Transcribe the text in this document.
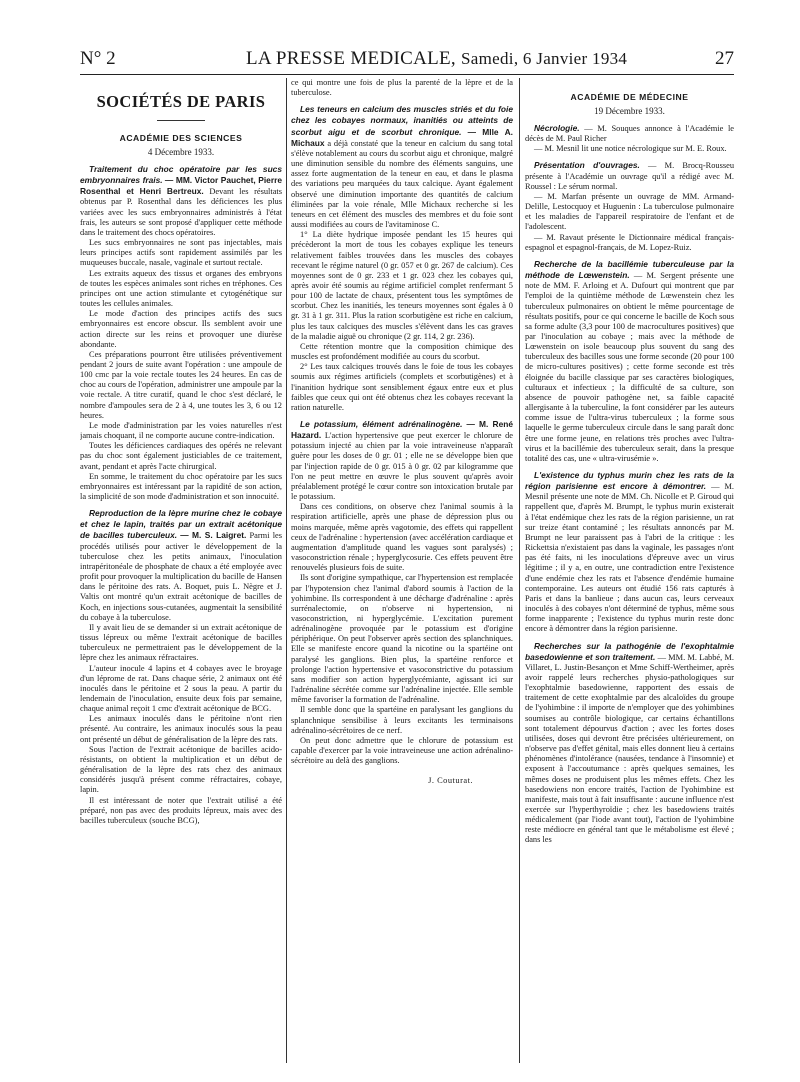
N° 2	LA PRESSE MEDICALE, Samedi, 6 Janvier 1934	27
SOCIÉTÉS DE PARIS
ACADÉMIE DES SCIENCES
4 Décembre 1933.

Traitement du choc opératoire par les sucs embryonnaires frais. — MM. Victor Pauchet, Pierre Rosenthal et Henri Bertreux. Devant les résultats obtenus par P. Rosenthal dans les déficiences les plus variées avec les sucs embryonnaires administrés à l'état frais, les auteurs se sont proposé d'appliquer cette méthode dans le traitement des chocs opératoires.

Les sucs embryonnaires ne sont pas injectables, mais leurs principes actifs sont rapidement assimilés par les muqueuses buccale, nasale, vaginale et surtout rectale.

Les extraits aqueux des tissus et organes des embryons de toutes les espèces animales sont riches en tréphones. Ces principes ont une action stimulante et cytogénétique sur toutes les cellules animales.

Le mode d'action des principes actifs des sucs embryonnaires est encore obscur. Ils semblent avoir une action directe sur les reins et provoquer une diurèse abondante.

Ces préparations pourront être utilisées préventivement pendant 2 jours de suite avant l'opération : une ampoule de 100 cmc par la voie rectale toutes les 24 heures. En cas de choc au cours de l'opération, administrer une ampoule par la voie rectale. A titre curatif, quand le choc s'est déclaré, le nombre d'ampoules sera de 2 à 4, une toutes les 3, 6 ou 12 heures.

Le mode d'administration par les voies naturelles n'est jamais choquant, il ne comporte aucune contre-indication.

Toutes les déficiences cardiaques des opérés ne relevant pas du choc sont également justiciables de ce traitement, avant, pendant et après l'acte chirurgical.

En somme, le traitement du choc opératoire par les sucs embryonnaires est intéressant par la rapidité de son action, la simplicité de son mode d'administration et son innocuité.

Reproduction de la lèpre murine chez le cobaye et chez le lapin, traités par un extrait acétonique de bacilles tuberculeux. — M. S. Laigret. Parmi les procédés utilisés pour activer le développement de la tuberculose chez les petits animaux, l'inoculation intrapéritonéale de phosphate de chaux a été employée avec profit pour provoquer la multiplication du bacille de Hansen dans le péritoine des rats. A. Boquet, puis L. Nègre et J. Valtis ont montré qu'un extrait acétonique de bacilles de Koch, en injections sous-cutanées, augmentait la sensibilité du cobaye à la tuberculose.

Il y avait lieu de se demander si un extrait acétonique de tissus lépreux ou même l'extrait acétonique de bacilles tuberculeux ne permettraient pas le développement de la lèpre chez les animaux réfractaires.

L'auteur inocule 4 lapins et 4 cobayes avec le broyage d'un léprome de rat. Dans chaque série, 2 animaux ont été inoculés dans le péritoine et 2 sous la peau. A partir du lendemain de l'inoculation, ensuite deux fois par semaine, chaque animal reçoit 1 cmc d'extrait acétonique de BCG.

Les animaux inoculés dans le péritoine n'ont rien présenté. Au contraire, les animaux inoculés sous la peau ont présenté un début de généralisation de la lèpre des rats.

Sous l'action de l'extrait acétonique de bacilles acido-résistants, on obtient la multiplication et un début de généralisation de la lèpre des rats chez des animaux considérés jusqu'à présent comme réfractaires, cobaye, lapin.

Il est intéressant de noter que l'extrait utilisé a été préparé, non pas avec des produits lépreux, mais avec des bacilles tuberculeux (souche BCG),

ce qui montre une fois de plus la parenté de la lèpre et de la tuberculose.

Les teneurs en calcium des muscles striés et du foie chez les cobayes normaux, inanitiés ou atteints de scorbut aigu et de scorbut chronique. — Mlle A. Michaux a déjà constaté que la teneur en calcium du sang total s'élève notablement au cours du scorbut aigu et chronique, malgré une diminution sensible du nombre des éléments sanguins, une assez forte augmentation de la teneur en eau, et dans le plasma des variations peu marquées du taux calcique. Ayant également observé une diminution importante des quantités de calcium éliminées par la voie rénale, Mlle Michaux recherche si les teneurs en cet élément des muscles des membres et du foie sont aussi modifiées au cours de l'avitaminose C.

1° La diète hydrique imposée pendant les 15 heures qui précèderont la mort de tous les cobayes explique les teneurs relativement faibles trouvées dans les muscles des cobayes recevant le régime naturel (0 gr. 057 et 0 gr. 267 de calcium). Ces moyennes sont de 0 gr. 233 et 1 gr. 023 chez les cobayes qui, après avoir été soumis au régime artificiel complet renfermant 5 pour 100 de lactate de chaux, présentent tous les symptômes de scorbut. Chez les inanitiés, les teneurs moyennes sont égales à 0 gr. 31 à 1 gr. 311. Plus la ration scorbutigène est riche en calcium, plus les taux calciques des muscles s'élèvent dans les cas graves de la maladie aiguë ou chronique (2 gr. 114, 2 gr. 236).

Cette rétention montre que la composition chimique des muscles est profondément modifiée au cours du scorbut.

2° Les taux calciques trouvés dans le foie de tous les cobayes soumis aux régimes artificiels (complets et scorbutigènes) et à l'inanition hydrique sont sensiblement égaux entre eux et plus faibles que ceux qui ont été obtenus chez les cobayes recevant la ration naturelle.

Le potassium, élément adrénalinogène. — M. René Hazard. L'action hypertensive que peut exercer le chlorure de potassium injecté au chien par la voie intraveineuse n'apparaît guère pour les doses de 0 gr. 01 ; elle ne se développe bien que par l'injection rapide de 0 gr. 015 à 0 gr. 02 par kilogramme que l'on ne peut mettre en œuvre le plus souvent qu'après avoir préalablement protégé le cœur contre son intoxication brutale par le potassium.

Dans ces conditions, on observe chez l'animal soumis à la respiration artificielle, après une phase de dépression plus ou moins marquée, même après vagotomie, des effets qui rappellent ceux de l'adrénaline : hypertension (avec accélération cardiaque et augmentation d'amplitude quand les vagues sont paralysés) ; vasoconstriction rénale ; hyperglycosurie. Ces effets peuvent être renouvelés plusieurs fois de suite.

Ils sont d'origine sympathique, car l'hypertension est remplacée par l'hypotension chez l'animal d'abord soumis à l'action de la yohimbine. Ils correspondent à une décharge d'adrénaline : après surrénalectomie, on n'observe ni hypertension, ni vasoconstriction, ni hyperglycémie. L'excitation purement adrénalinogène provoquée par le potassium est d'origine périphérique. On peut l'observer après section des splanchniques. Elle se manifeste encore quand la nicotine ou la spartéine ont paralysé les ganglions. Bien plus, la spartéine renforce et prolonge l'action hypertensive et vasoconstrictive du potassium sans modifier son action hyperglycémiante, agissant ici sur l'adrénaline sécrétée comme sur l'adrénaline injectée. Elle semble même favoriser la formation de l'adrénaline.

Il semble donc que la spartéine en paralysant les ganglions du splanchnique sensibilise à leurs excitants les terminaisons adrénalino-sécrétoires de ce nerf.

On peut donc admettre que le chlorure de potassium est capable d'exercer par la voie intraveineuse une action adrénalino-sécrétoire au delà des ganglions.

J. Couturat.
ACADÉMIE DE MÉDECINE
19 Décembre 1933.

Nécrologie. — M. Souques annonce à l'Académie le décès de M. Paul Richer

— M. Mesnil lit une notice nécrologique sur M. E. Roux.

Présentation d'ouvrages. — M. Brocq-Rousseu présente à l'Académie un ouvrage qu'il a rédigé avec M. Roussel : Le sérum normal.

— M. Marfan présente un ouvrage de MM. Armand-Delille, Lestocquoy et Huguenin : La tuberculose pulmonaire et les maladies de l'appareil respiratoire de l'enfant et de l'adolescent.

— M. Ravaut présente le Dictionnaire médical français-espagnol et espagnol-français, de M. Lopez-Ruiz.

Recherche de la bacillémie tuberculeuse par la méthode de Lœwenstein. — M. Sergent présente une note de MM. F. Arloing et A. Dufourt qui montrent que par l'emploi de la quintième méthode de Lœwenstein chez les tuberculeux pulmonaires on obtient le même pourcentage de résultats positifs, pour ce qui concerne le bacille de Koch sous sa forme adulte (3,3 pour 100 de macrocultures positives) que par l'inoculation au cobaye ; mais avec la méthode de Lœwenstein on isole beaucoup plus souvent du sang des tuberculeux des bacilles sous une forme seconde (20 pour 100 de micro-cultures positives) ; cette forme seconde est très éloignée du bacille classique par ses caractères biologiques, culturaux et infectieux ; la difficulté de sa culture, son absence de pouvoir pathogène net, sa faible capacité allergisante à la tuberculine, la font considérer par les auteurs comme issue de l'ultra-virus tuberculeux ; la forme sous laquelle le germe tuberculeux circule dans le sang paraît donc être une forme jeune, en relations très proches avec l'ultra-virus et la bacillémie des tuberculeux serait, dans la presque totalité des cas, une « ultra-virusémie ».

L'existence du typhus murin chez les rats de la région parisienne est encore à démontrer. — M. Mesnil présente une note de MM. Ch. Nicolle et P. Giroud qui rappellent que, d'après M. Brumpt, le typhus murin existerait à l'état endémique chez les rats de la région parisienne, un rat sur treize étant contaminé ; les résultats annoncés par M. Brumpt ne leur paraissent pas à l'abri de la critique : les Rickettsia n'existaient pas dans la vaginale, les passages n'ont pas été faits, ni les inoculations d'épreuve avec un virus légitime ; il y a, en outre, une contradiction entre l'existence d'une endémie chez les rats et l'absence d'endémie humaine contemporaine. Les auteurs ont étudié 156 rats capturés à Paris et dans la banlieue ; dans aucun cas, leurs cerveaux inoculés à des cobayes n'ont déterminé de typhus, même sous forme inapparente ; l'existence du typhus murin reste donc encore à démontrer dans la région parisienne.

Recherches sur la pathogénie de l'exophtalmie basedowienne et son traitement. — MM. M. Labbé, M. Villaret, L. Justin-Besançon et Mme Schiff-Wertheimer, après avoir rappelé leurs recherches physio-pathologiques sur l'exophtalmie basedowienne, rapportent des essais de traitement de cette exophtalmie par des alcaloïdes du groupe de l'yohimbine : il importe de n'employer que des yohimbines soumises au contrôle biologique, car certains échantillons sont totalement dépourvus d'action ; avec les fortes doses utilisées, doses qui devront être précisées ultérieurement, on n'observe pas d'effet génital, mais elles donnent lieu à certains phénomènes d'intolérance (nausées, tendance à l'insomnie) et exposent à l'accoutumance : après quelques semaines, les mêmes doses ne produisent plus les mêmes effets. Chez les basedowiens non encore traités, l'action de l'yohimbine est manifeste, mais tout à fait insuffisante : aucune influence n'est exercée sur l'hyperthyroïdie ; chez les basedowiens traités médicalement (par l'iode avant tout), l'action de l'yohimbine reste médiocre en général tant que le métabolisme est élevé ; dans les
